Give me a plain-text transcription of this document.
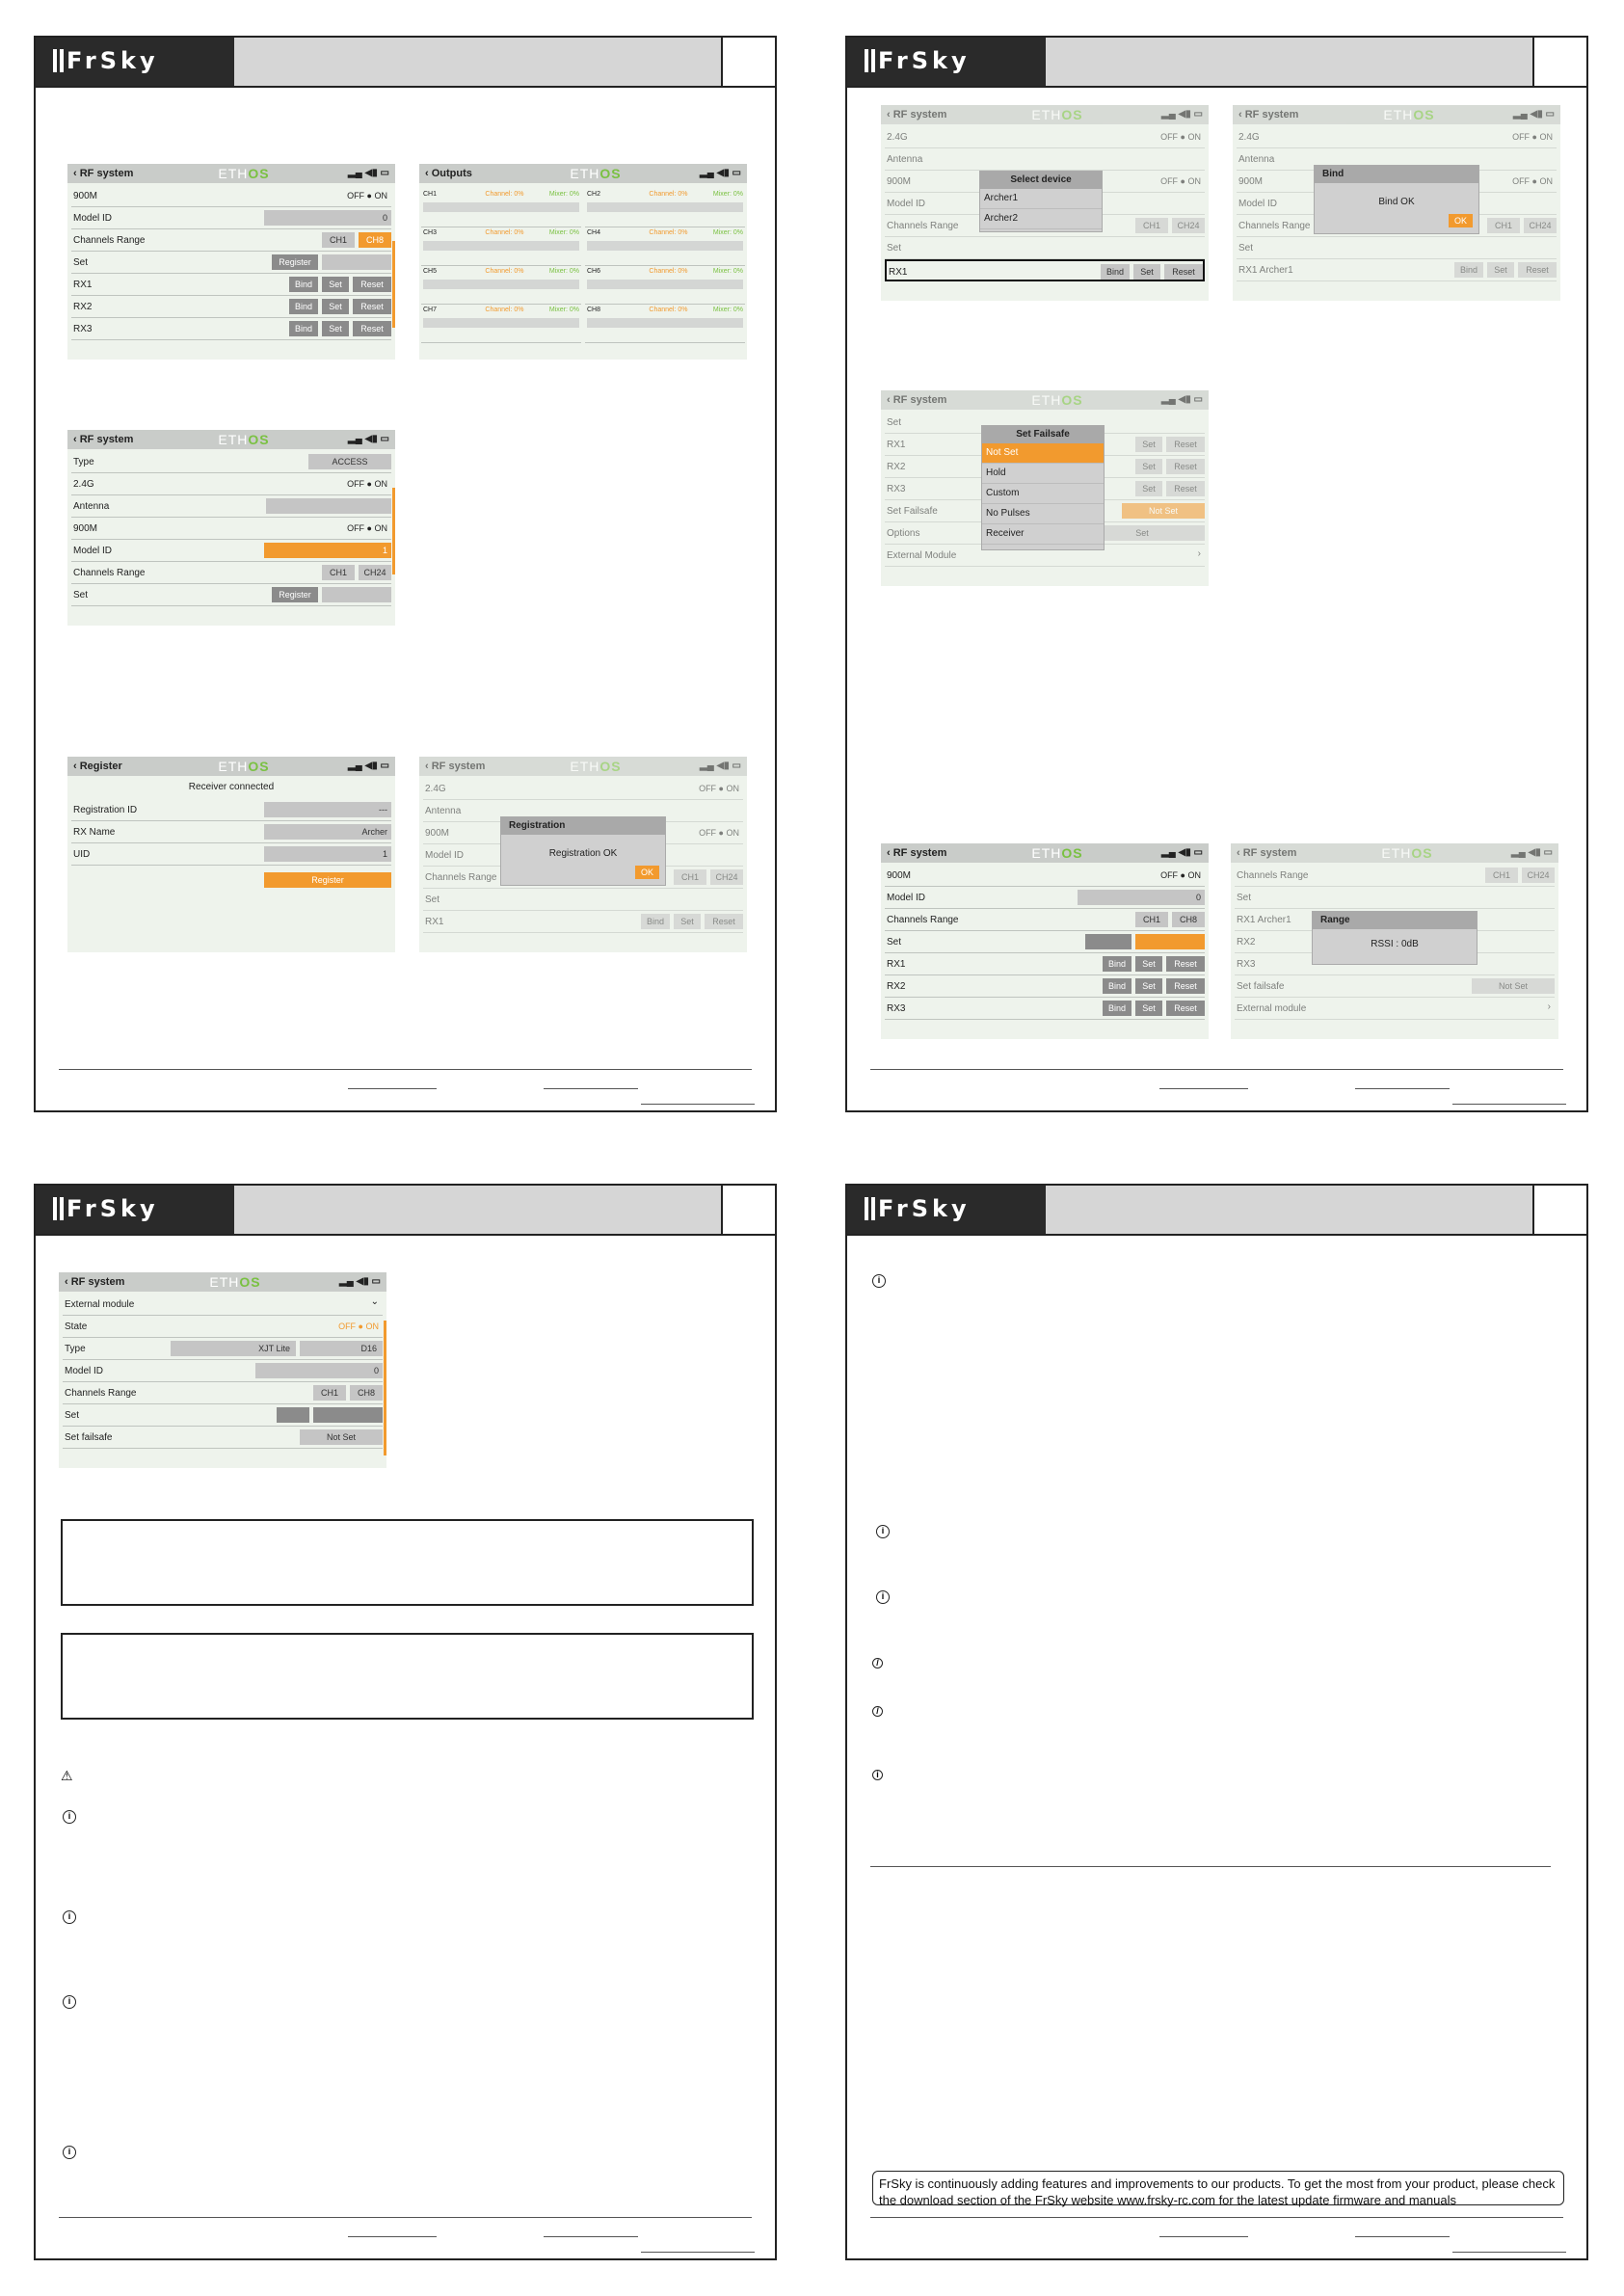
FrSky
‹ RF system	ETHOS	▂▄ ◀▮ ▭
900M	OFF ● ON
Model ID	0
Channels Range	CH1	CH8
Set	Register
RX1	Bind	Set	Reset
RX2	Bind	Set	Reset
RX3	Bind	Set	Reset
‹ Outputs	ETHOS	▂▄ ◀▮ ▭
CH1	Channel: 0%	Mixer: 0% CH2	Channel: 0%	Mixer: 0%
CH3	Channel: 0%	Mixer: 0% CH4	Channel: 0%	Mixer: 0%
CH5	Channel: 0%	Mixer: 0% CH6	Channel: 0%	Mixer: 0%
CH7	Channel: 0%	Mixer: 0% CH8	Channel: 0%	Mixer: 0%
‹ RF system	ETHOS	▂▄ ◀▮ ▭
Type	ACCESS
2.4G	OFF ● ON
Antenna
900M	OFF ● ON
Model ID	1
Channels Range	CH1	CH24
Set	Register
‹ Register	ETHOS	▂▄ ◀▮ ▭
Receiver connected
Registration ID	---
RX Name	Archer
UID	1
Register
‹ RF system	ETHOS	▂▄ ◀▮ ▭
2.4G	OFF ● ON
Antenna
900M	OFF ● ON
Model ID
Channels Range	CH1	CH24
Set
RX1	Bind	Set	Reset
Registration
Registration OK
OK
FrSky
‹ RF system	ETHOS	▂▄ ◀▮ ▭
2.4G	OFF ● ON
Antenna
900M	OFF ● ON
Model ID
Channels Range	CH1	CH24
Set
RX1	Bind	Set	Reset
Select device
Archer1
Archer2
‹ RF system	ETHOS	▂▄ ◀▮ ▭
2.4G	OFF ● ON
Antenna
900M	OFF ● ON
Model ID
Channels Range	CH1	CH24
Set
RX1 Archer1	Bind	Set	Reset
Bind
Bind OK
OK
‹ RF system	ETHOS	▂▄ ◀▮ ▭
Set
RX1	Set	Reset
RX2	Set	Reset
RX3	Set	Reset
Set Failsafe	Not Set
Options	Set
External Module	›
Set Failsafe
Not Set
Hold
Custom
No Pulses
Receiver
‹ RF system	ETHOS	▂▄ ◀▮ ▭
900M	OFF ● ON
Model ID	0
Channels Range	CH1	CH8
Set
RX1	Bind	Set	Reset
RX2	Bind	Set	Reset
RX3	Bind	Set	Reset
‹ RF system	ETHOS	▂▄ ◀▮ ▭
Channels Range	CH1	CH24
Set
RX1 Archer1
RX2
RX3
Set failsafe	Not Set
External module	›
Range
RSSI : 0dB
FrSky
‹ RF system	ETHOS	▂▄ ◀▮ ▭
External module	⌄
State	OFF ● ON
Type	XJT Lite	D16
Model ID	0
Channels Range	CH1	CH8
Set
Set failsafe	Not Set
⚠
i
i
i
i
FrSky
i
i
i
/
/
i
FrSky is continuously adding features and improvements to our products. To get the most from your product, please check the download section of the FrSky website www.frsky-rc.com for the latest update firmware and manuals
